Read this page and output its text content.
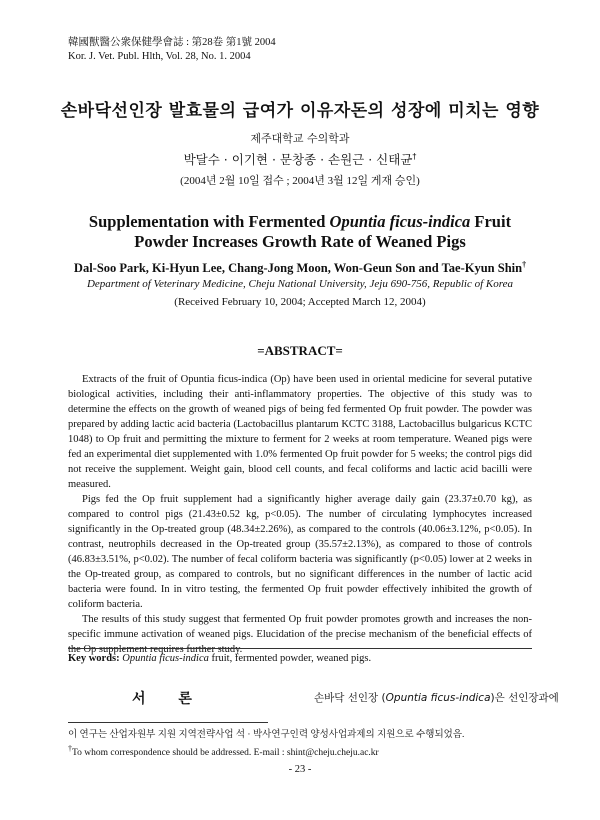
韓國獸醫公衆保健學會誌 : 第28卷 第1號 2004
Kor. J. Vet. Publ. Hlth, Vol. 28, No. 1. 2004
손바닥선인장 발효물의 급여가 이유자돈의 성장에 미치는 영향
제주대학교 수의학과
박달수 · 이기현 · 문창종 · 손원근 · 신태균†
(2004년 2월 10일 접수 ; 2004년 3월 12일 게재 승인)
Supplementation with Fermented Opuntia ficus-indica Fruit Powder Increases Growth Rate of Weaned Pigs
Dal-Soo Park, Ki-Hyun Lee, Chang-Jong Moon, Won-Geun Son and Tae-Kyun Shin†
Department of Veterinary Medicine, Cheju National University, Jeju 690-756, Republic of Korea
(Received February 10, 2004; Accepted March 12, 2004)
=ABSTRACT=

Extracts of the fruit of Opuntia ficus-indica (Op) have been used in oriental medicine for several putative biological activities, including their anti-inflammatory properties. The objective of this study was to determine the effects on the growth of weaned pigs of being fed fermented Op fruit powder. The powder was prepared by adding lactic acid bacteria (Lactobacillus plantarum KCTC 3188, Lactobacillus bulgaricus KCTC 1048) to Op fruit and permitting the mixture to ferment for 2 weeks at room temperature. Weaned pigs were fed an experimental diet supplemented with 1.0% fermented Op fruit powder for 5 weeks; the control pigs did not receive the supplement. Weight gain, blood cell counts, and fecal coliforms and lactic acid bacilli were measured.

Pigs fed the Op fruit supplement had a significantly higher average daily gain (23.37±0.70 kg), as compared to control pigs (21.43±0.52 kg, p<0.05). The number of circulating lymphocytes increased significantly in the Op-treated group (48.34±2.26%), as compared to the controls (40.06±3.12%, p<0.05). In contrast, neutrophils decreased in the Op-treated group (35.57±2.13%), as compared to those of controls (46.83±3.51%, p<0.02). The number of fecal coliform bacteria was significantly (p<0.05) lower at 2 weeks in the Op-treated group, as compared to controls, but no significant differences in the number of lactic acid bacteria were found. In in vitro testing, the fermented Op fruit powder effectively inhibited the growth of coliform bacteria.

The results of this study suggest that fermented Op fruit powder promotes growth and increases the non-specific immune activation of weaned pigs. Elucidation of the precise mechanism of the beneficial effects of the Op supplement requires further study.

Key words: Opuntia ficus-indica fruit, fermented powder, weaned pigs.
서 론	손바닥 선인장 (Opuntia ficus-indica)은 선인장과에
이 연구는 산업자원부 지원 지역전략사업 석 · 박사연구인력 양성사업과제의 지원으로 수행되었음.
†To whom correspondence should be addressed. E-mail : shint@cheju.cheju.ac.kr
- 23 -
